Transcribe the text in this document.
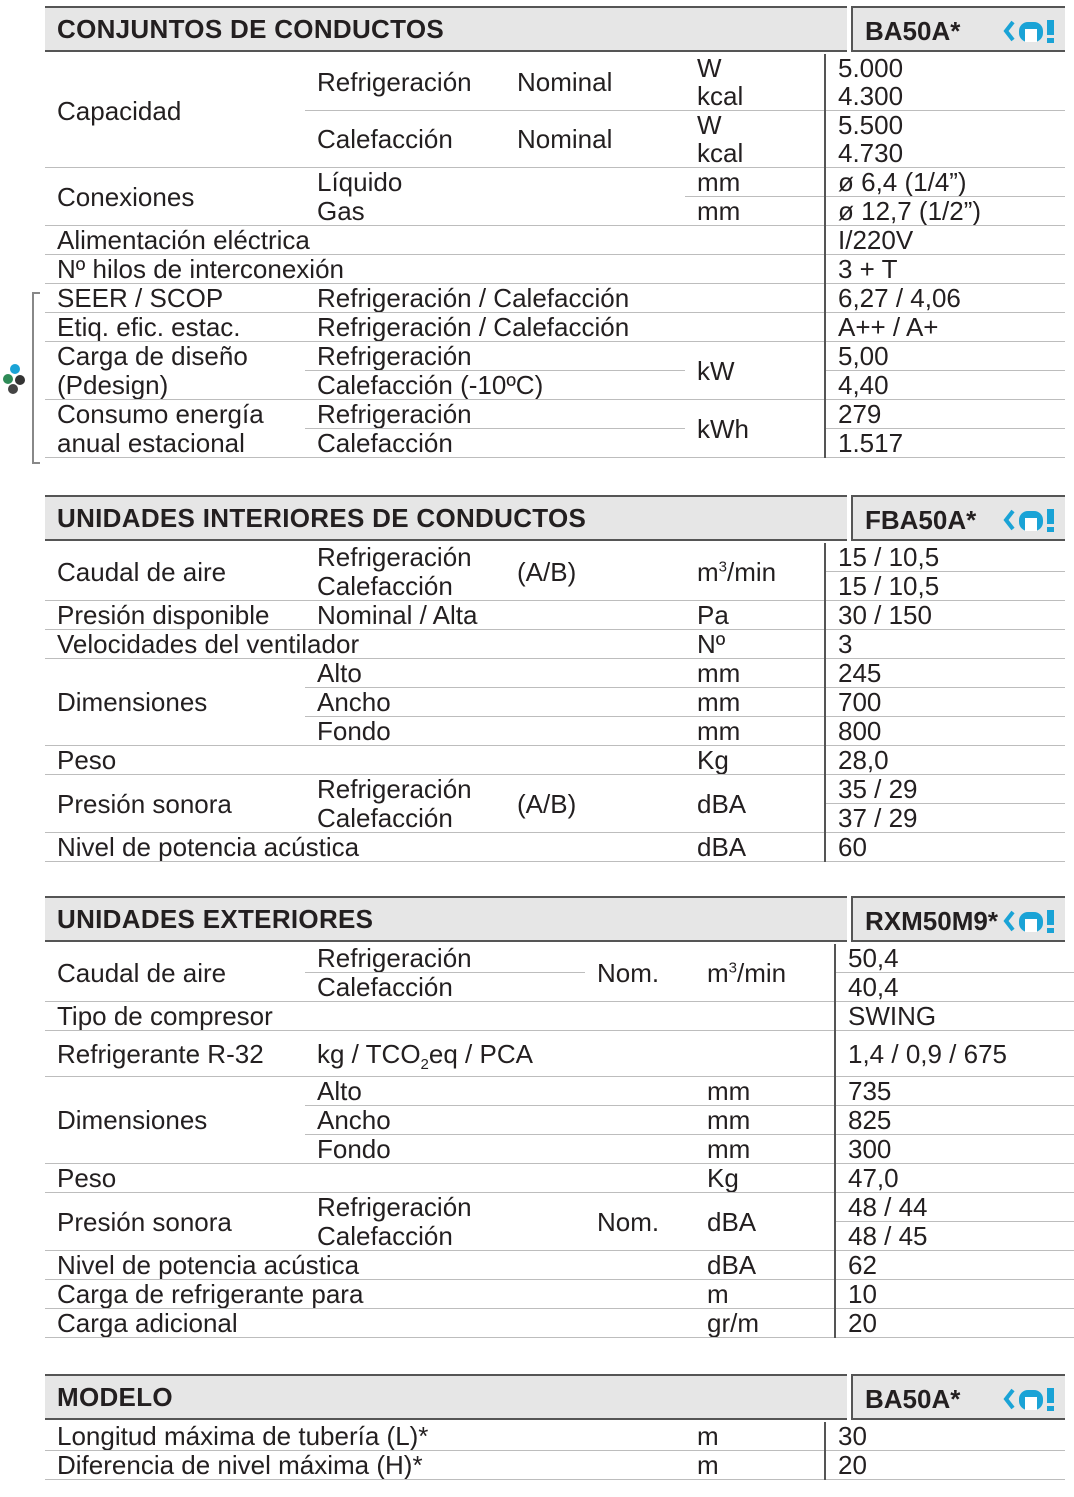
CONJUNTOS DE CONDUCTOS	BA50A*
Capacidad	Refrigeración	Nominal	W	5.000
			kcal	4.300
	Calefacción	Nominal	W	5.500
			kcal	4.730
Conexiones	Líquido		mm	ø 6,4 (1/4”)
	Gas		mm	ø 12,7 (1/2”)
Alimentación eléctrica				I/220V
Nº hilos de interconexión				3 + T
SEER / SCOP	Refrigeración / Calefacción			6,27 / 4,06
Etiq. efic. estac.	Refrigeración / Calefacción			A++ / A+
Carga de diseño	Refrigeración		kW	5,00
(Pdesign)	Calefacción (-10ºC)			4,40
Consumo energía	Refrigeración		kWh	279
anual estacional	Calefacción			1.517
UNIDADES INTERIORES DE CONDUCTOS	FBA50A*
Caudal de aire	Refrigeración	(A/B)	$m^3/\min$	15 / 10,5
	Calefacción			15 / 10,5
Presión disponible	Nominal / Alta		Pa	30 / 150
Velocidades del ventilador			Nº	3
Dimensiones	Alto		mm	245
	Ancho		mm	700
	Fondo		mm	800
Peso			Kg	28,0
Presión sonora	Refrigeración	(A/B)	dBA	35 / 29
	Calefacción			37 / 29
Nivel de potencia acústica			dBA	60
UNIDADES EXTERIORES	RXM50M9*
Caudal de aire	Refrigeración	Nom.	$m^3/\min$	50,4
	Calefacción			40,4
Tipo de compresor				SWING
Refrigerante R-32	kg / $TCO_2eq$ / PCA			1,4 / 0,9 / 675
Dimensiones	Alto		mm	735
	Ancho		mm	825
	Fondo		mm	300
Peso			Kg	47,0
Presión sonora	Refrigeración	Nom.	dBA	48 / 44
	Calefacción			48 / 45
Nivel de potencia acústica			dBA	62
Carga de refrigerante para			m	10
Carga adicional			gr/m	20
MODELO	BA50A*
Longitud máxima de tubería (L)*	m	30
Diferencia de nivel máxima (H)*	m	20
